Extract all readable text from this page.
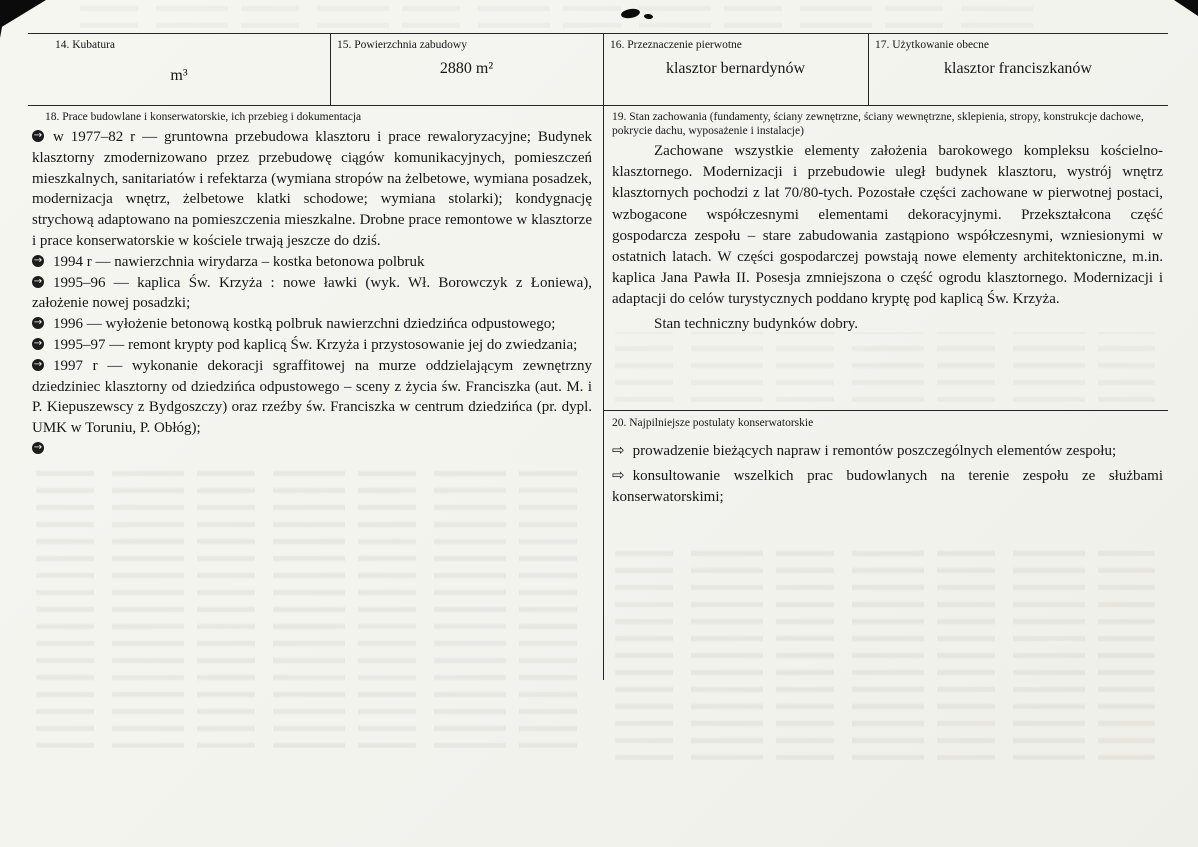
14. Kubatura
m³
15. Powierzchnia zabudowy
2880 m²
16. Przeznaczenie pierwotne
klasztor bernardynów
17. Użytkowanie obecne
klasztor franciszkanów
18. Prace budowlane i konserwatorskie, ich przebieg i dokumentacja

→w 1977–82 r — gruntowna przebudowa klasztoru i prace rewaloryzacyjne; Budynek klasztorny zmodernizowano przez przebudowę ciągów komunikacyjnych, pomieszczeń mieszkalnych, sanitariatów i refektarza (wymiana stropów na żelbetowe, wymiana posadzek, modernizacja wnętrz, żelbetowe klatki schodowe; wymiana stolarki); kondygnację strychową adaptowano na pomieszczenia mieszkalne. Drobne prace remontowe w klasztorze i prace konserwatorskie w kościele trwają jeszcze do dziś.

→1994 r — nawierzchnia wirydarza – kostka betonowa polbruk

→1995–96 — kaplica Św. Krzyża : nowe ławki (wyk. Wł. Borowczyk z Łoniewa), założenie nowej posadzki;

→1996 — wyłożenie betonową kostką polbruk nawierzchni dziedzińca odpustowego;

→1995–97 — remont krypty pod kaplicą Św. Krzyża i przystosowanie jej do zwiedzania;

→1997 r — wykonanie dekoracji sgraffitowej na murze oddzielającym zewnętrzny dziedziniec klasztorny od dziedzińca odpustowego – sceny z życia św. Franciszka (aut. M. i P. Kiepuszewscy z Bydgoszczy) oraz rzeźby św. Franciszka w centrum dziedzińca (pr. dypl. UMK w Toruniu, P. Obłóg);

→

19. Stan zachowania (fundamenty, ściany zewnętrzne, ściany wewnętrzne, sklepienia, stropy, konstrukcje dachowe, pokrycie dachu, wyposażenie i instalacje)

Zachowane wszystkie elementy założenia barokowego kompleksu kościelno-klasztornego. Modernizacji i przebudowie uległ budynek klasztoru, wystrój wnętrz klasztornych pochodzi z lat 70/80-tych. Pozostałe części zachowane w pierwotnej postaci, wzbogacone współczesnymi elementami dekoracyjnymi. Przekształcona część gospodarcza zespołu – stare zabudowania zastąpiono współczesnymi, wzniesionymi w ostatnich latach. W części gospodarczej powstają nowe elementy architektoniczne, m.in. kaplica Jana Pawła II. Posesja zmniejszona o część ogrodu klasztornego. Modernizacji i adaptacji do celów turystycznych poddano kryptę pod kaplicą Św. Krzyża.

Stan techniczny budynków dobry.

20. Najpilniejsze postulaty konserwatorskie

⇨ prowadzenie bieżących napraw i remontów poszczególnych elementów zespołu;

⇨ konsultowanie wszelkich prac budowlanych na terenie zespołu ze służbami konserwatorskimi;
